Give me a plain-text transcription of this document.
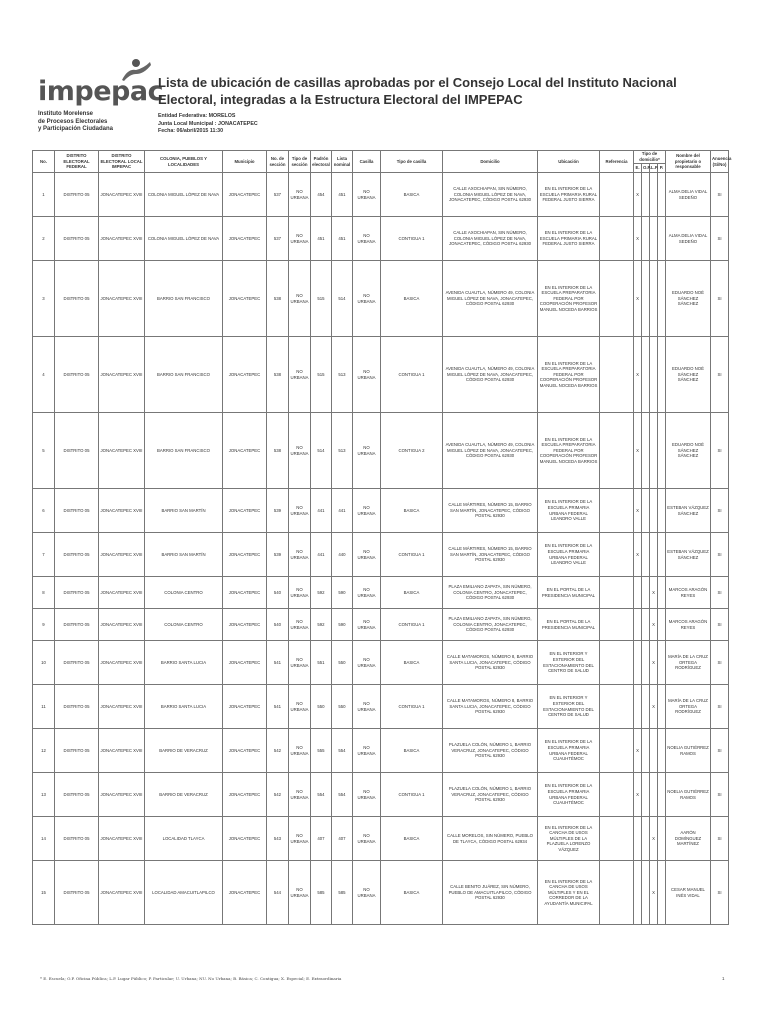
impepac
Instituto Morelense
de Procesos Electorales
y Participación Ciudadana
Lista de ubicación de casillas aprobadas por el Consejo Local del Instituto Nacional Electoral, integradas a la Estructura Electoral del IMPEPAC
Entidad Federativa: MORELOS
Junta Local Municipal : JONACATEPEC
Fecha: 06/abril/2015 11:30
No.	DISTRITO ELECTORAL FEDERAL	DISTRITO ELECTORAL LOCAL IMPEPAC	COLONIA, PUEBLOS Y LOCALIDADES	Municipio	No. de sección	Tipo de sección	Padrón electoral	Lista nominal	Casilla	Tipo de casilla	Domicilio	Ubicación	Referencia	Tipo de domicilio*				Nombre del propietario o responsable	Anuencia (Sí/No)
														E.	O.P.	L.P.	P.		
1	DISTRITO 05	JONACATEPEC XVIII	COLONIA MIGUEL LÓPEZ DE NAVA	JONACATEPEC	537	NO URBANA	454	451	NO URBANA	BASICA	CALLE AXOCHIAPAN, SIN NÚMERO, COLONIA MIGUEL LÓPEZ DE NAVA, JONACATEPEC, CÓDIGO POSTAL 62930	EN EL INTERIOR DE LA ESCUELA PRIMARIA RURAL FEDERAL JUSTO SIERRA		X				ALMA DELIA VIDAL SEDEÑO	SI
2	DISTRITO 05	JONACATEPEC XVIII	COLONIA MIGUEL LÓPEZ DE NAVA	JONACATEPEC	537	NO URBANA	451	451	NO URBANA	CONTIGUA 1	CALLE AXOCHIAPAN, SIN NÚMERO, COLONIA MIGUEL LÓPEZ DE NAVA, JONACATEPEC, CÓDIGO POSTAL 62930	EN EL INTERIOR DE LA ESCUELA PRIMARIA RURAL FEDERAL JUSTO SIERRA		X				ALMA DELIA VIDAL SEDEÑO	SI
3	DISTRITO 05	JONACATEPEC XVIII	BARRIO SAN FRANCISCO	JONACATEPEC	538	NO URBANA	515	514	NO URBANA	BASICA	AVENIDA CUAUTLA, NÚMERO 49, COLONIA MIGUEL LÓPEZ DE NAVA, JONACATEPEC, CÓDIGO POSTAL 62930	EN EL INTERIOR DE LA ESCUELA PREPARATORIA FEDERAL POR COOPERACIÓN PROFESOR MANUEL NOCEDA BARRIOS		X				EDUARDO NOÉ SÁNCHEZ SÁNCHEZ	SI
4	DISTRITO 05	JONACATEPEC XVIII	BARRIO SAN FRANCISCO	JONACATEPEC	538	NO URBANA	515	513	NO URBANA	CONTIGUA 1	AVENIDA CUAUTLA, NÚMERO 49, COLONIA MIGUEL LÓPEZ DE NAVA, JONACATEPEC, CÓDIGO POSTAL 62930	EN EL INTERIOR DE LA ESCUELA PREPARATORIA FEDERAL POR COOPERACIÓN PROFESOR MANUEL NOCEDA BARRIOS		X				EDUARDO NOÉ SÁNCHEZ SÁNCHEZ	SI
5	DISTRITO 05	JONACATEPEC XVIII	BARRIO SAN FRANCISCO	JONACATEPEC	538	NO URBANA	514	513	NO URBANA	CONTIGUA 2	AVENIDA CUAUTLA, NÚMERO 49, COLONIA MIGUEL LÓPEZ DE NAVA, JONACATEPEC, CÓDIGO POSTAL 62930	EN EL INTERIOR DE LA ESCUELA PREPARATORIA FEDERAL POR COOPERACIÓN PROFESOR MANUEL NOCEDA BARRIOS		X				EDUARDO NOÉ SÁNCHEZ SÁNCHEZ	SI
6	DISTRITO 05	JONACATEPEC XVIII	BARRIO SAN MARTÍN	JONACATEPEC	539	NO URBANA	441	441	NO URBANA	BASICA	CALLE MÁRTIRES, NÚMERO 15, BARRIO SAN MARTÍN, JONACATEPEC, CÓDIGO POSTAL 62930	EN EL INTERIOR DE LA ESCUELA PRIMARIA URBANA FEDERAL LEANDRO VALLE		X				ESTEBAN VÁZQUEZ SÁNCHEZ	SI
7	DISTRITO 05	JONACATEPEC XVIII	BARRIO SAN MARTÍN	JONACATEPEC	539	NO URBANA	441	440	NO URBANA	CONTIGUA 1	CALLE MÁRTIRES, NÚMERO 15, BARRIO SAN MARTÍN, JONACATEPEC, CÓDIGO POSTAL 62930	EN EL INTERIOR DE LA ESCUELA PRIMARIA URBANA FEDERAL LEANDRO VALLE		X				ESTEBAN VÁZQUEZ SÁNCHEZ	SI
8	DISTRITO 05	JONACATEPEC XVIII	COLONIA CENTRO	JONACATEPEC	540	NO URBANA	592	590	NO URBANA	BASICA	PLAZA EMILIANO ZAPATA, SIN NÚMERO, COLONIA CENTRO, JONACATEPEC, CÓDIGO POSTAL 62930	EN EL PORTAL DE LA PRESIDENCIA MUNICIPAL				X		MARCOS ARAGÓN REYES	SI
9	DISTRITO 05	JONACATEPEC XVIII	COLONIA CENTRO	JONACATEPEC	540	NO URBANA	592	590	NO URBANA	CONTIGUA 1	PLAZA EMILIANO ZAPATA, SIN NÚMERO, COLONIA CENTRO, JONACATEPEC, CÓDIGO POSTAL 62930	EN EL PORTAL DE LA PRESIDENCIA MUNICIPAL				X		MARCOS ARAGÓN REYES	SI
10	DISTRITO 05	JONACATEPEC XVIII	BARRIO SANTA LUCIA	JONACATEPEC	541	NO URBANA	551	550	NO URBANA	BASICA	CALLE MATAMOROS, NÚMERO 8, BARRIO SANTA LUCIA, JONACATEPEC, CÓDIGO POSTAL 62930	EN EL INTERIOR Y EXTERIOR DEL ESTACIONAMIENTO DEL CENTRO DE SALUD				X		MARÍA DE LA CRUZ ORTEGA RODRÍGUEZ	SI
11	DISTRITO 05	JONACATEPEC XVIII	BARRIO SANTA LUCIA	JONACATEPEC	541	NO URBANA	550	550	NO URBANA	CONTIGUA 1	CALLE MATAMOROS, NÚMERO 8, BARRIO SANTA LUCIA, JONACATEPEC, CÓDIGO POSTAL 62930	EN EL INTERIOR Y EXTERIOR DEL ESTACIONAMIENTO DEL CENTRO DE SALUD				X		MARÍA DE LA CRUZ ORTEGA RODRÍGUEZ	SI
12	DISTRITO 05	JONACATEPEC XVIII	BARRIO DE VERACRUZ	JONACATEPEC	542	NO URBANA	555	554	NO URBANA	BASICA	PLAZUELA COLÓN, NÚMERO 1, BARRIO VERACRUZ, JONACATEPEC, CÓDIGO POSTAL 62930	EN EL INTERIOR DE LA ESCUELA PRIMARIA URBANA FEDERAL CUAUHTÉMOC		X				NOELIA GUTIÉRREZ RAMOS	SI
13	DISTRITO 05	JONACATEPEC XVIII	BARRIO DE VERACRUZ	JONACATEPEC	542	NO URBANA	554	554	NO URBANA	CONTIGUA 1	PLAZUELA COLÓN, NÚMERO 1, BARRIO VERACRUZ, JONACATEPEC, CÓDIGO POSTAL 62930	EN EL INTERIOR DE LA ESCUELA PRIMARIA URBANA FEDERAL CUAUHTÉMOC		X				NOELIA GUTIÉRREZ RAMOS	SI
14	DISTRITO 05	JONACATEPEC XVIII	LOCALIDAD TLAYCA	JONACATEPEC	543	NO URBANA	407	407	NO URBANA	BASICA	CALLE MORELOS, SIN NÚMERO, PUEBLO DE TLAYCA, CÓDIGO POSTAL 62934	EN EL INTERIOR DE LA CANCHA DE USOS MÚLTIPLES DE LA PLAZUELA LORENZO VÁZQUEZ				X		AARÓN DOMÍNGUEZ MARTÍNEZ	SI
15	DISTRITO 05	JONACATEPEC XVIII	LOCALIDAD AMACUITLAPILCO	JONACATEPEC	544	NO URBANA	585	585	NO URBANA	BASICA	CALLE BENITO JUÁREZ, SIN NÚMERO, PUEBLO DE AMACUITLAPILCO, CÓDIGO POSTAL 62930	EN EL INTERIOR DE LA CANCHA DE USOS MÚLTIPLES Y EN EL CORREDOR DE LA AYUDANTÍA MUNICIPAL				X		CESAR MANUEL INÉS VIDAL	SI
* E. Escuela; O.P. Oficina Pública; L.P. Lugar Público; P. Particular; U. Urbana; NU. No Urbana; B. Básica; C. Contigua; X. Especial; E. Extraordinaria	1
